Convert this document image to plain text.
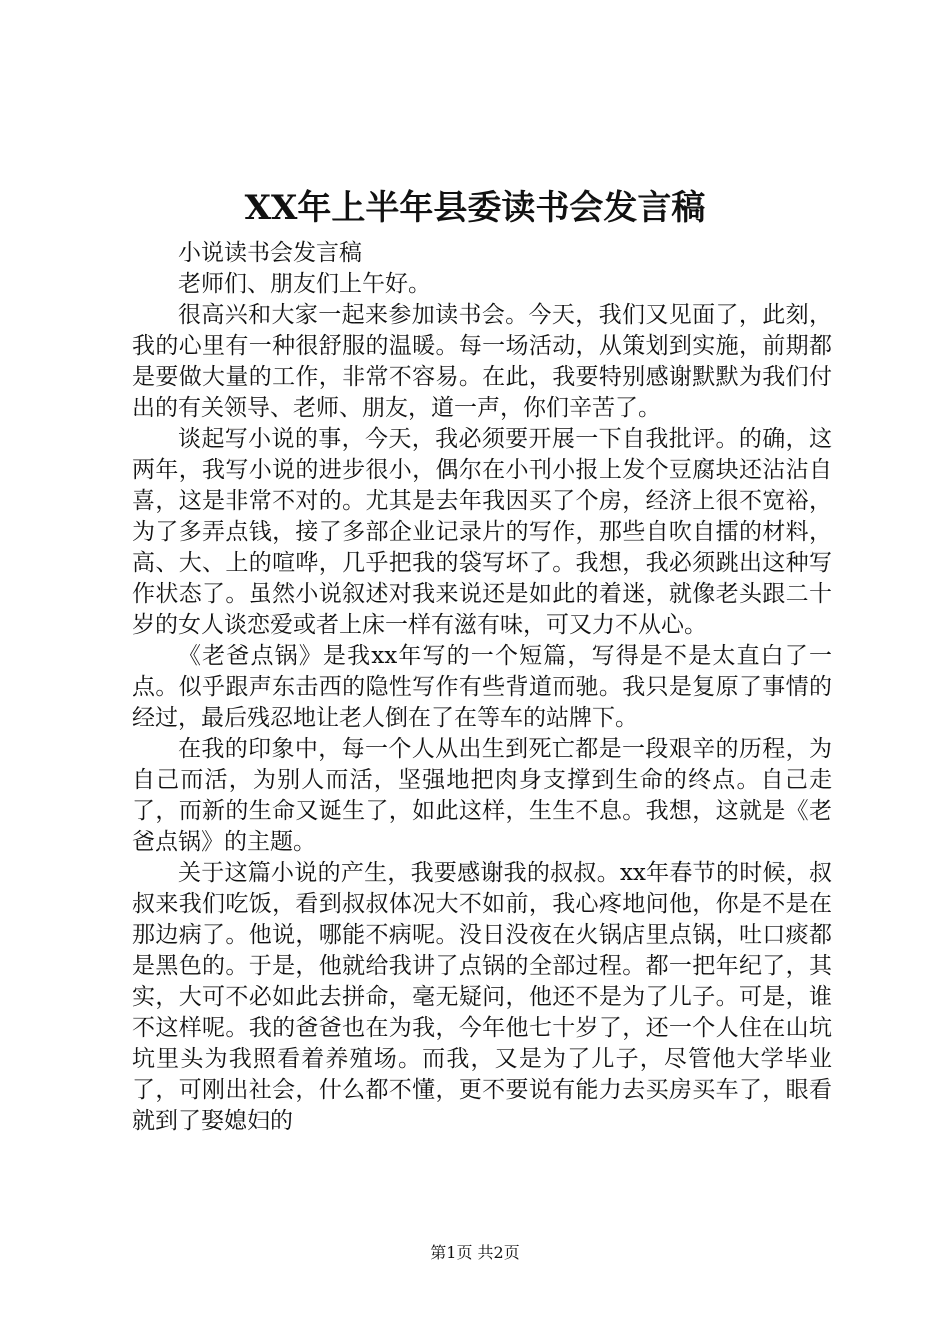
XX年上半年县委读书会发言稿

小说读书会发言稿

老师们、朋友们上午好。

很高兴和大家一起来参加读书会。今天，我们又见面了，此刻，我的心里有一种很舒服的温暖。每一场活动，从策划到实施，前期都是要做大量的工作，非常不容易。在此，我要特别感谢默默为我们付出的有关领导、老师、朋友，道一声，你们辛苦了。

谈起写小说的事，今天，我必须要开展一下自我批评。的确，这两年，我写小说的进步很小，偶尔在小刊小报上发个豆腐块还沾沾自喜，这是非常不对的。尤其是去年我因买了个房，经济上很不宽裕，为了多弄点钱，接了多部企业记录片的写作，那些自吹自擂的材料，高、大、上的喧哗，几乎把我的袋写坏了。我想，我必须跳出这种写作状态了。虽然小说叙述对我来说还是如此的着迷，就像老头跟二十岁的女人谈恋爱或者上床一样有滋有味，可又力不从心。

《老爸点锅》是我xx年写的一个短篇，写得是不是太直白了一点。似乎跟声东击西的隐性写作有些背道而驰。我只是复原了事情的经过，最后残忍地让老人倒在了在等车的站牌下。

在我的印象中，每一个人从出生到死亡都是一段艰辛的历程，为自己而活，为别人而活，坚强地把肉身支撑到生命的终点。自己走了，而新的生命又诞生了，如此这样，生生不息。我想，这就是《老爸点锅》的主题。

关于这篇小说的产生，我要感谢我的叔叔。xx年春节的时候，叔叔来我们吃饭，看到叔叔体况大不如前，我心疼地问他，你是不是在那边病了。他说，哪能不病呢。没日没夜在火锅店里点锅，吐口痰都是黑色的。于是，他就给我讲了点锅的全部过程。都一把年纪了，其实，大可不必如此去拼命，毫无疑问，他还不是为了儿子。可是，谁不这样呢。我的爸爸也在为我，今年他七十岁了，还一个人住在山坑坑里头为我照看着养殖场。而我，又是为了儿子，尽管他大学毕业了，可刚出社会，什么都不懂，更不要说有能力去买房买车了，眼看就到了娶媳妇的

第1页 共2页
